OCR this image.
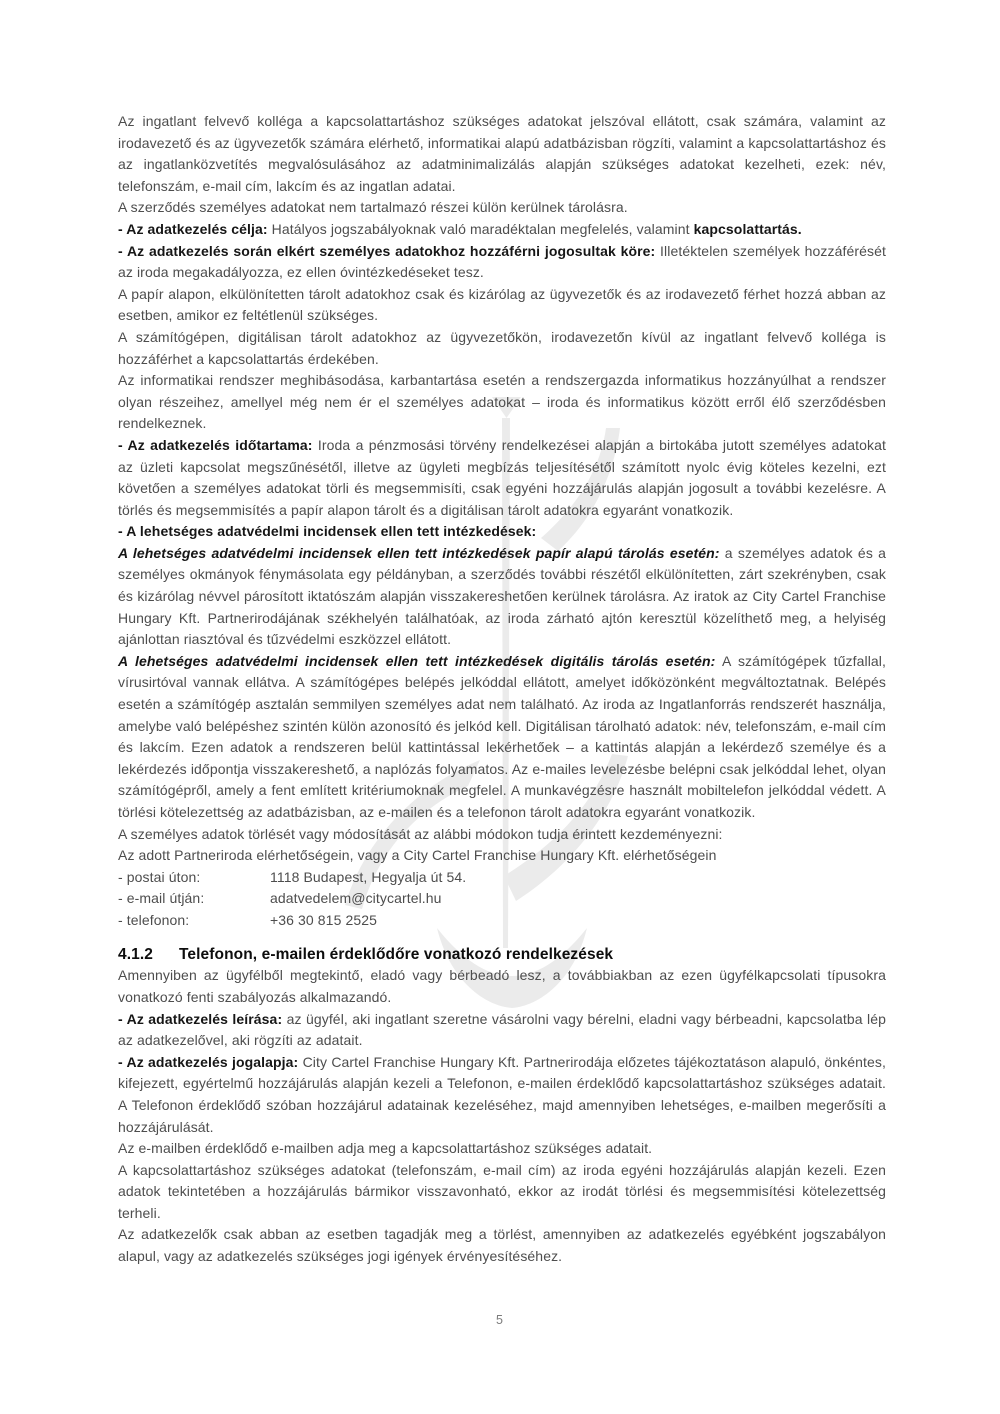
Az ingatlant felvevő kolléga a kapcsolattartáshoz szükséges adatokat jelszóval ellátott, csak számára, valamint az irodavezető és az ügyvezetők számára elérhető, informatikai alapú adatbázisban rögzíti, valamint a kapcsolattartáshoz és az ingatlanközvetítés megvalósulásához az adatminimalizálás alapján szükséges adatokat kezelheti, ezek: név, telefonszám, e-mail cím, lakcím és az ingatlan adatai.

A szerződés személyes adatokat nem tartalmazó részei külön kerülnek tárolásra.

- Az adatkezelés célja: Hatályos jogszabályoknak való maradéktalan megfelelés, valamint kapcsolattartás.

- Az adatkezelés során elkért személyes adatokhoz hozzáférni jogosultak köre: Illetéktelen személyek hozzáférését az iroda megakadályozza, ez ellen óvintézkedéseket tesz.

A papír alapon, elkülönítetten tárolt adatokhoz csak és kizárólag az ügyvezetők és az irodavezető férhet hozzá abban az esetben, amikor ez feltétlenül szükséges.

A számítógépen, digitálisan tárolt adatokhoz az ügyvezetőkön, irodavezetőn kívül az ingatlant felvevő kolléga is hozzáférhet a kapcsolattartás érdekében.

Az informatikai rendszer meghibásodása, karbantartása esetén a rendszergazda informatikus hozzányúlhat a rendszer olyan részeihez, amellyel még nem ér el személyes adatokat – iroda és informatikus között erről élő szerződésben rendelkeznek.

- Az adatkezelés időtartama: Iroda a pénzmosási törvény rendelkezései alapján a birtokába jutott személyes adatokat az üzleti kapcsolat megszűnésétől, illetve az ügyleti megbízás teljesítésétől számított nyolc évig köteles kezelni, ezt követően a személyes adatokat törli és megsemmisíti, csak egyéni hozzájárulás alapján jogosult a további kezelésre. A törlés és megsemmisítés a papír alapon tárolt és a digitálisan tárolt adatokra egyaránt vonatkozik.

- A lehetséges adatvédelmi incidensek ellen tett intézkedések:

A lehetséges adatvédelmi incidensek ellen tett intézkedések papír alapú tárolás esetén: a személyes adatok és a személyes okmányok fénymásolata egy példányban, a szerződés további részétől elkülönítetten, zárt szekrényben, csak és kizárólag névvel párosított iktatószám alapján visszakereshetően kerülnek tárolásra. Az iratok az City Cartel Franchise Hungary Kft. Partnerirodájának székhelyén találhatóak, az iroda zárható ajtón keresztül közelíthető meg, a helyiség ajánlottan riasztóval és tűzvédelmi eszközzel ellátott.

A lehetséges adatvédelmi incidensek ellen tett intézkedések digitális tárolás esetén: A számítógépek tűzfallal, vírusirtóval vannak ellátva. A számítógépes belépés jelkóddal ellátott, amelyet időközönként megváltoztatnak. Belépés esetén a számítógép asztalán semmilyen személyes adat nem található. Az iroda az Ingatlanforrás rendszerét használja, amelybe való belépéshez szintén külön azonosító és jelkód kell. Digitálisan tárolható adatok: név, telefonszám, e-mail cím és lakcím. Ezen adatok a rendszeren belül kattintással lekérhetőek – a kattintás alapján a lekérdező személye és a lekérdezés időpontja visszakereshető, a naplózás folyamatos. Az e-mailes levelezésbe belépni csak jelkóddal lehet, olyan számítógépről, amely a fent említett kritériumoknak megfelel. A munkavégzésre használt mobiltelefon jelkóddal védett. A törlési kötelezettség az adatbázisban, az e-mailen és a telefonon tárolt adatokra egyaránt vonatkozik.

A személyes adatok törlését vagy módosítását az alábbi módokon tudja érintett kezdeményezni:

Az adott Partneriroda elérhetőségein, vagy a City Cartel Franchise Hungary Kft. elérhetőségein

- postai úton:	1118 Budapest, Hegyalja út 54.
- e-mail útján:	adatvedelem@citycartel.hu
- telefonon:	+36 30 815 2525
4.1.2 Telefonon, e-mailen érdeklődőre vonatkozó rendelkezések

Amennyiben az ügyfélből megtekintő, eladó vagy bérbeadó lesz, a továbbiakban az ezen ügyfélkapcsolati típusokra vonatkozó fenti szabályozás alkalmazandó.

- Az adatkezelés leírása: az ügyfél, aki ingatlant szeretne vásárolni vagy bérelni, eladni vagy bérbeadni, kapcsolatba lép az adatkezelővel, aki rögzíti az adatait.

- Az adatkezelés jogalapja: City Cartel Franchise Hungary Kft. Partnerirodája előzetes tájékoztatáson alapuló, önkéntes, kifejezett, egyértelmű hozzájárulás alapján kezeli a Telefonon, e-mailen érdeklődő kapcsolattartáshoz szükséges adatait. A Telefonon érdeklődő szóban hozzájárul adatainak kezeléséhez, majd amennyiben lehetséges, e-mailben megerősíti a hozzájárulását.

Az e-mailben érdeklődő e-mailben adja meg a kapcsolattartáshoz szükséges adatait.

A kapcsolattartáshoz szükséges adatokat (telefonszám, e-mail cím) az iroda egyéni hozzájárulás alapján kezeli. Ezen adatok tekintetében a hozzájárulás bármikor visszavonható, ekkor az irodát törlési és megsemmisítési kötelezettség terheli.

Az adatkezelők csak abban az esetben tagadják meg a törlést, amennyiben az adatkezelés egyébként jogszabályon alapul, vagy az adatkezelés szükséges jogi igények érvényesítéséhez.

5
